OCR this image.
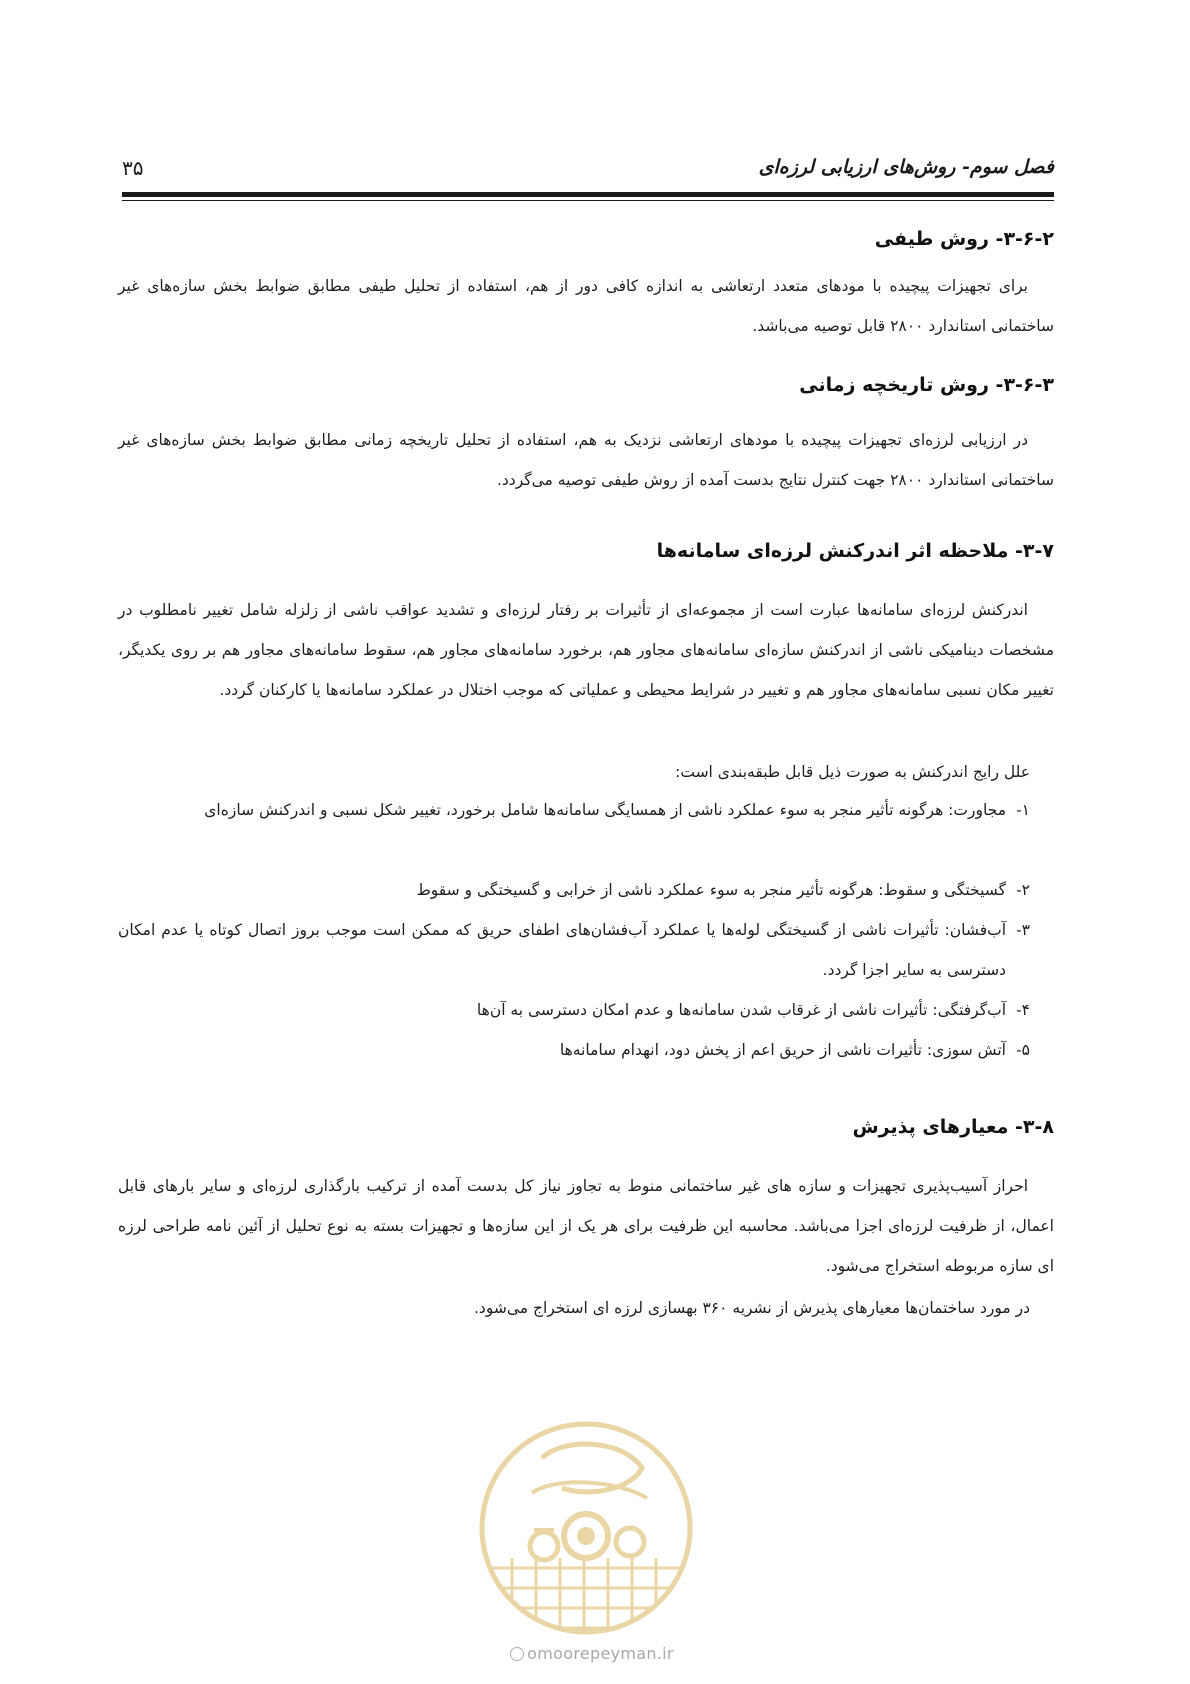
فصل سوم- روش‌های ارزیابی لرزه‌ای
۳۵
۳-۶-۲- روش طیفی

برای تجهیزات پیچیده با مودهای متعدد ارتعاشی به اندازه کافی دور از هم، استفاده از تحلیل طیفی مطابق ضوابط بخش سازه‌های غیر ساختمانی استاندارد ۲۸۰۰ قابل توصیه می‌باشد.

۳-۶-۳- روش تاریخچه زمانی

در ارزیابی لرزه‌ای تجهیزات پیچیده با مودهای ارتعاشی نزدیک به هم، استفاده از تحلیل تاریخچه زمانی مطابق ضوابط بخش سازه‌های غیر ساختمانی استاندارد ۲۸۰۰ جهت کنترل نتایج بدست آمده از روش طیفی توصیه می‌گردد.

۳-۷- ملاحظه اثر اندرکنش لرزه‌ای سامانه‌ها

اندرکنش لرزه‌ای سامانه‌ها عبارت است از مجموعه‌ای از تأثیرات بر رفتار لرزه‌ای و تشدید عواقب ناشی از زلزله شامل تغییر نامطلوب در مشخصات دینامیکی ناشی از اندرکنش سازه‌ای سامانه‌های مجاور هم، برخورد سامانه‌های مجاور هم، سقوط سامانه‌های مجاور هم بر روی یکدیگر، تغییر مکان نسبی سامانه‌های مجاور هم و تغییر در شرایط محیطی و عملیاتی که موجب اختلال در عملکرد سامانه‌ها یا کارکنان گردد.

علل رایج اندرکنش به صورت ذیل قابل طبقه‌بندی است:

۱-
مجاورت: هرگونه تأثیر منجر به سوء عملکرد ناشی از همسایگی سامانه‌ها شامل برخورد، تغییر شکل نسبی و اندرکنش سازه‌ای
۲-
گسیختگی و سقوط: هرگونه تأثیر منجر به سوء عملکرد ناشی از خرابی و گسیختگی و سقوط
۳-
آب‌فشان: تأثیرات ناشی از گسیختگی لوله‌ها یا عملکرد آب‌فشان‌های اطفای حریق که ممکن است موجب بروز اتصال کوتاه یا عدم امکان دسترسی به سایر اجزا گردد.
۴-
آب‌گرفتگی: تأثیرات ناشی از غرقاب شدن سامانه‌ها و عدم امکان دسترسی به آن‌ها
۵-
آتش سوزی: تأثیرات ناشی از حریق اعم از پخش دود، انهدام سامانه‌ها
۳-۸- معیارهای پذیرش

احراز آسیب‌پذیری تجهیزات و سازه های غیر ساختمانی منوط به تجاوز نیاز کل بدست آمده از ترکیب بارگذاری لرزه‌ای و سایر بارهای قابل اعمال، از ظرفیت لرزه‌ای اجزا می‌باشد. محاسبه این ظرفیت برای هر یک از این سازه‌ها و تجهیزات بسته به نوع تحلیل از آئین نامه طراحی لرزه ای سازه مربوطه استخراج می‌شود.

در مورد ساختمان‌ها معیارهای پذیرش از نشریه ۳۶۰ بهسازی لرزه ای استخراج می‌شود.

omoorepeyman.ir
